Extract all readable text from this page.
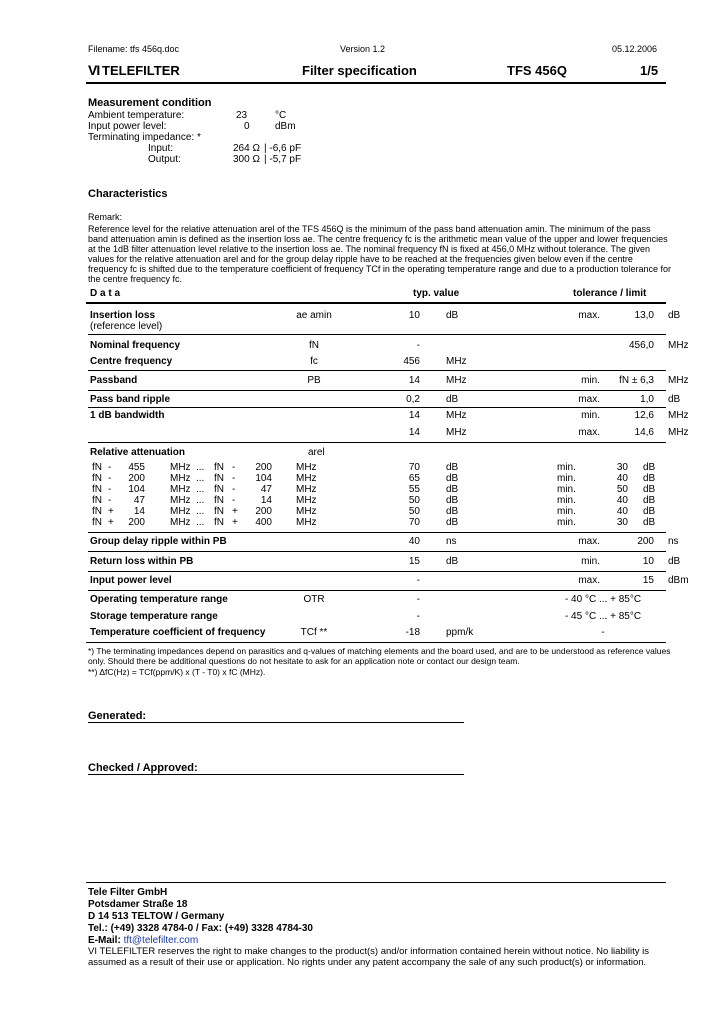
Filename: tfs 456q.doc	Version 1.2	05.12.2006
VI TELEFILTER	Filter specification	TFS 456Q	1/5
Measurement condition
Ambient temperature:	23	°C
Input power level:	0	dBm
Terminating impedance: *
Input:	264 Ω | -6,6 pF
Output:	300 Ω | -5,7 pF
Characteristics
Remark:
Reference level for the relative attenuation arel of the TFS 456Q is the minimum of the pass band attenuation amin. The minimum of the pass band attenuation amin is defined as the insertion loss ae. The centre frequency fc is the arithmetic mean value of the upper and lower frequencies at the 1dB filter attenuation level relative to the insertion loss ae. The nominal frequency fN is fixed at 456,0 MHz without tolerance. The given values for the relative attenuation arel and for the group delay ripple have to be reached at the frequencies given below even if the centre frequency fc is shifted due to the temperature coefficient of frequency TCf in the operating temperature range and due to a production tolerance for the centre frequency fc.
D a t a	typ. value	tolerance / limit
Insertion loss	ae amin	10	dB	max.	13,0 dB
(reference level)
Nominal frequency	fN	-	456,0 MHz
Centre frequency	fc	456	MHz
Passband	PB	14	MHz	min.	fN ± 6,3 MHz
Pass band ripple	0,2	dB	max.	1,0 dB
1 dB bandwidth	14	MHz	min.	12,6 MHz
14	MHz	max.	14,6 MHz
Relative attenuation	arel
fN -	455	MHz ... fN -	200 MHz	70	dB	min.	30 dB
fN -	200	MHz ... fN -	104 MHz	65	dB	min.	40 dB
fN -	104	MHz ... fN -	47 MHz	55	dB	min.	50 dB
fN -	47	MHz ... fN -	14 MHz	50	dB	min.	40 dB
fN +	14	MHz ... fN +	200 MHz	50	dB	min.	40 dB
fN +	200	MHz ... fN +	400 MHz	70	dB	min.	30 dB
Group delay ripple within PB	40	ns	max.	200 ns
Return loss within PB	15	dB	min.	10 dB
Input power level	-	max.	15 dBm
Operating temperature range	OTR	-	- 40 °C ... + 85°C
Storage temperature range	-	- 45 °C ... + 85°C
Temperature coefficient of frequency	TCf **	-18	ppm/k	-
*) The terminating impedances depend on parasitics and q-values of matching elements and the board used, and are to be understood as reference values only. Should there be additional questions do not hesitate to ask for an application note or contact our design team.
**) ΔfC(Hz) = TCf(ppm/K) x (T - T0) x fC (MHz).
Generated:
Checked / Approved:
Tele Filter GmbH
Potsdamer Straße 18
D 14 513 TELTOW / Germany
Tel.: (+49) 3328 4784-0 / Fax: (+49) 3328 4784-30
E-Mail: tft@telefilter.com
VI TELEFILTER reserves the right to make changes to the product(s) and/or information contained herein without notice. No liability is assumed as a result of their use or application. No rights under any patent accompany the sale of any such product(s) or information.
